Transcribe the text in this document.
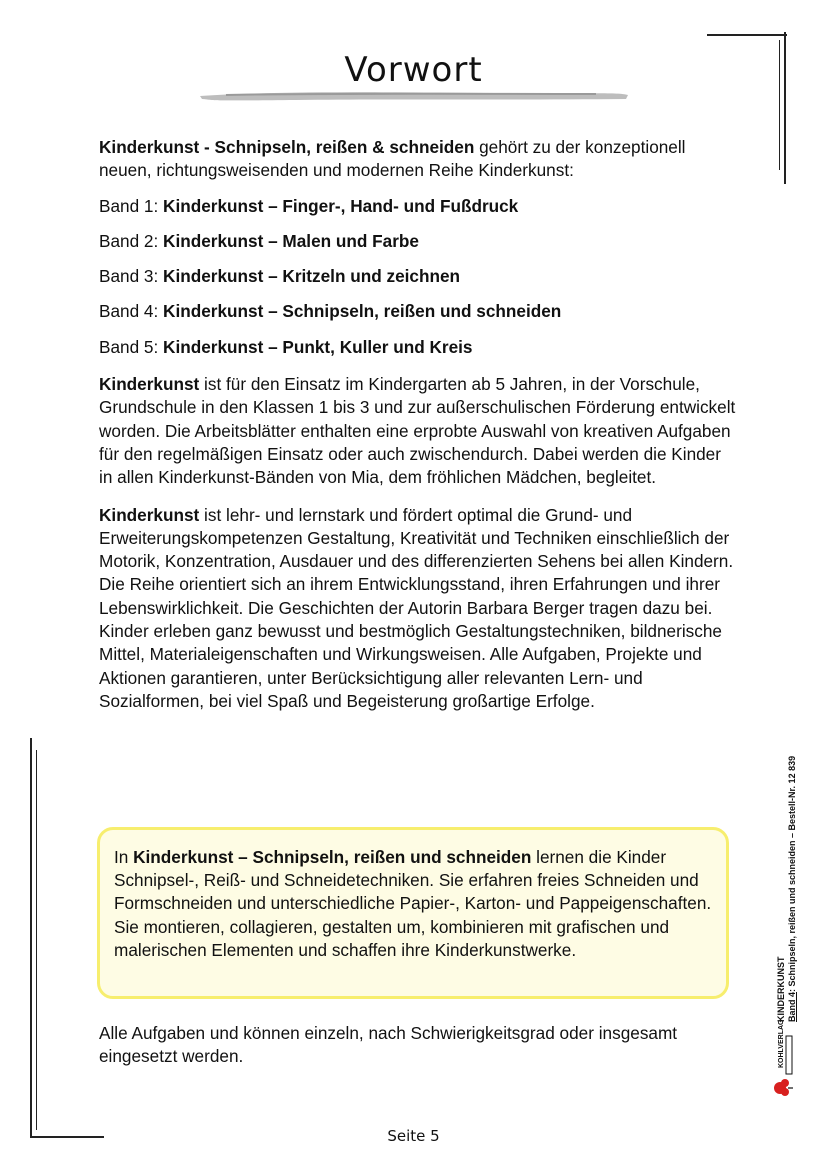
Vorwort

Kinderkunst - Schnipseln, reißen & schneiden gehört zu der konzeptionell neuen, richtungsweisenden und modernen Reihe Kinderkunst:

Band 1: Kinderkunst – Finger-, Hand- und Fußdruck

Band 2: Kinderkunst – Malen und Farbe

Band 3: Kinderkunst – Kritzeln und zeichnen

Band 4: Kinderkunst – Schnipseln, reißen und schneiden

Band 5: Kinderkunst – Punkt, Kuller und Kreis

Kinderkunst ist für den Einsatz im Kindergarten ab 5 Jahren, in der Vorschule, Grundschule in den Klassen 1 bis 3 und zur außerschulischen Förderung entwickelt worden. Die Arbeitsblätter enthalten eine erprobte Auswahl von kreativen Aufgaben für den regelmäßigen Einsatz oder auch zwischendurch. Dabei werden die Kinder in allen Kinderkunst-Bänden von Mia, dem fröhlichen Mädchen, begleitet.

Kinderkunst ist lehr- und lernstark und fördert optimal die Grund- und Erweiterungskompetenzen Gestaltung, Kreativität und Techniken einschließlich der Motorik, Konzentration, Ausdauer und des differenzierten Sehens bei allen Kindern.

Die Reihe orientiert sich an ihrem Entwicklungsstand, ihren Erfahrungen und ihrer Lebenswirklichkeit. Die Geschichten der Autorin Barbara Berger tragen dazu bei.

Kinder erleben ganz bewusst und bestmöglich Gestaltungstechniken, bildnerische Mittel, Materialeigenschaften und Wirkungsweisen. Alle Aufgaben, Projekte und Aktionen garantieren, unter Berücksichtigung aller relevanten Lern- und Sozialformen, bei viel Spaß und Begeisterung großartige Erfolge.

In Kinderkunst – Schnipseln, reißen und schneiden lernen die Kinder Schnipsel-, Reiß- und Schneidetechniken. Sie erfahren freies Schneiden und Formschneiden und unterschiedliche Papier-, Karton- und Pappeigenschaften. Sie montieren, collagieren, gestalten um, kombinieren mit grafischen und malerischen Elementen und schaffen ihre Kinderkunstwerke.
Alle Aufgaben und können einzeln, nach Schwierigkeitsgrad oder insgesamt eingesetzt werden.
Seite 5
KINDERKUNST Band 4: Schnipseln, reißen und schneiden – Bestell-Nr. 12 839
KOHLVERLAG
